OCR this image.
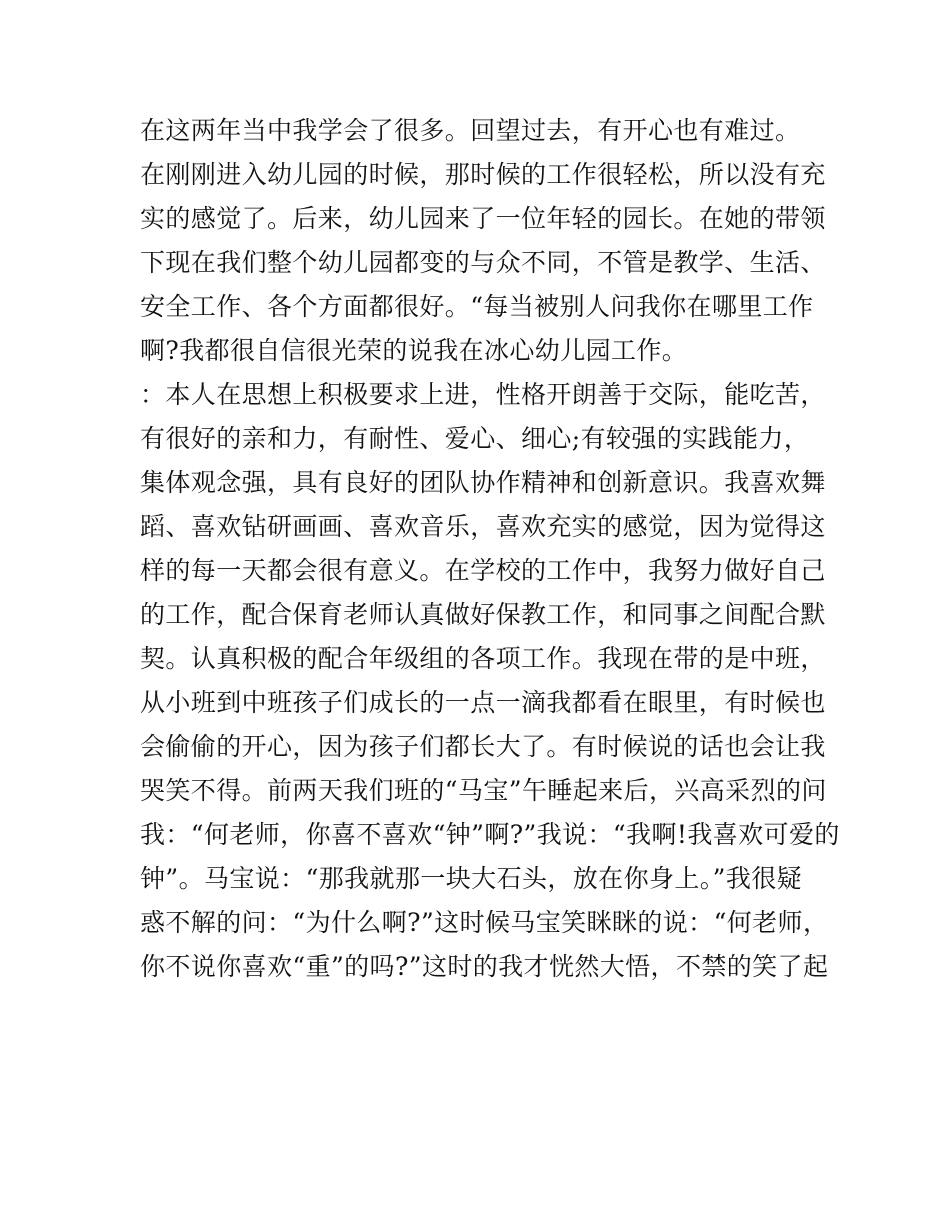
在这两年当中我学会了很多。回望过去，有开心也有难过。
在刚刚进入幼儿园的时候，那时候的工作很轻松，所以没有充
实的感觉了。后来，幼儿园来了一位年轻的园长。在她的带领
下现在我们整个幼儿园都变的与众不同，不管是教学、生活、
安全工作、各个方面都很好。“每当被别人问我你在哪里工作
啊?我都很自信很光荣的说我在冰心幼儿园工作。
：本人在思想上积极要求上进，性格开朗善于交际，能吃苦，
有很好的亲和力，有耐性、爱心、细心;有较强的实践能力，
集体观念强，具有良好的团队协作精神和创新意识。我喜欢舞
蹈、喜欢钻研画画、喜欢音乐，喜欢充实的感觉，因为觉得这
样的每一天都会很有意义。在学校的工作中，我努力做好自己
的工作，配合保育老师认真做好保教工作，和同事之间配合默
契。认真积极的配合年级组的各项工作。我现在带的是中班，
从小班到中班孩子们成长的一点一滴我都看在眼里，有时候也
会偷偷的开心，因为孩子们都长大了。有时候说的话也会让我
哭笑不得。前两天我们班的“马宝”午睡起来后，兴高采烈的问
我：“何老师，你喜不喜欢“钟”啊?”我说：“我啊!我喜欢可爱的
钟”。马宝说：“那我就那一块大石头，放在你身上。”我很疑
惑不解的问：“为什么啊?”这时候马宝笑眯眯的说：“何老师，
你不说你喜欢“重”的吗?”这时的我才恍然大悟，不禁的笑了起
